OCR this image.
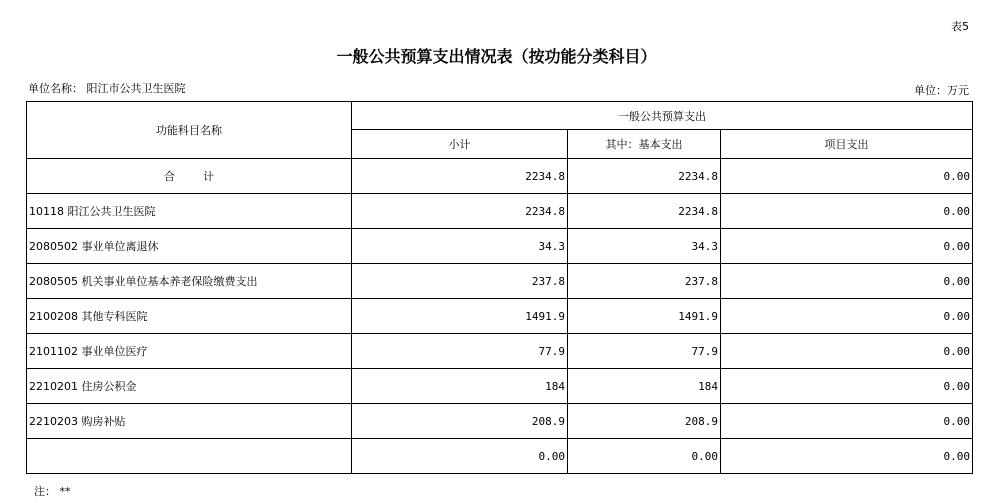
表5
一般公共预算支出情况表（按功能分类科目）
单位名称： 阳江市公共卫生医院	单位：万元
功能科目名称	一般公共预算支出		
	小计	其中：基本支出	项目支出
合 计	2234.8	2234.8	0.00
10118 阳江公共卫生医院	2234.8	2234.8	0.00
2080502 事业单位离退休	34.3	34.3	0.00
2080505 机关事业单位基本养老保险缴费支出	237.8	237.8	0.00
2100208 其他专科医院	1491.9	1491.9	0.00
2101102 事业单位医疗	77.9	77.9	0.00
2210201 住房公积金	184	184	0.00
2210203 购房补贴	208.9	208.9	0.00
	0.00	0.00	0.00
注： **
